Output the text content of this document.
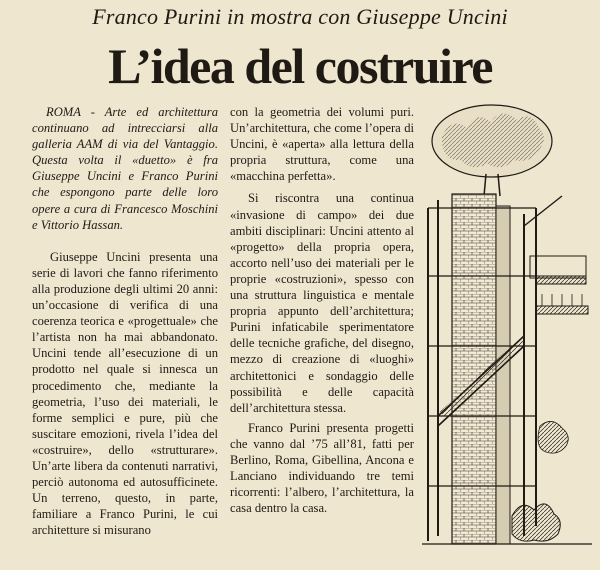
Franco Purini in mostra con Giuseppe Uncini
L’idea del costruire

ROMA - Arte ed architettura continuano ad intrecciarsi alla galleria AAM di via del Vantaggio. Questa volta il «duetto» è fra Giuseppe Uncini e Franco Purini che espongono parte delle loro opere a cura di Francesco Moschini e Vittorio Hassan.

Giuseppe Uncini presenta una serie di lavori che fanno riferimento alla produzione degli ultimi 20 anni: un’occasione di verifica di una coerenza teorica e «progettuale» che l’artista non ha mai abbandonato. Uncini tende all’esecuzione di un prodotto nel quale si innesca un procedimento che, mediante la geometria, l’uso dei materiali, le forme semplici e pure, più che suscitare emozioni, rivela l’idea del «costruire», dello «strutturare». Un’arte libera da contenuti narrativi, perciò autonoma ed autosufficinete. Un terreno, questo, in parte, familiare a Franco Purini, le cui architetture si misurano

con la geometria dei volumi puri. Un’architettura, che come l’opera di Uncini, è «aperta» alla lettura della propria struttura, come una «macchina perfetta».

Si riscontra una continua «invasione di campo» dei due ambiti disciplinari: Uncini attento al «progetto» della propria opera, accorto nell’uso dei materiali per le proprie «costruzioni», spesso con una struttura linguistica e mentale propria appunto dell’architettura; Purini infaticabile sperimentatore delle tecniche grafiche, del disegno, mezzo di creazione di «luoghi» architettonici e sondaggio delle possibilità e delle capacità dell’architettura stessa.

Franco Purini presenta progetti che vanno dal ’75 all’81, fatti per Berlino, Roma, Gibellina, Ancona e Lanciano individuando tre temi ricorrenti: l’albero, l’architettura, la casa dentro la casa.
